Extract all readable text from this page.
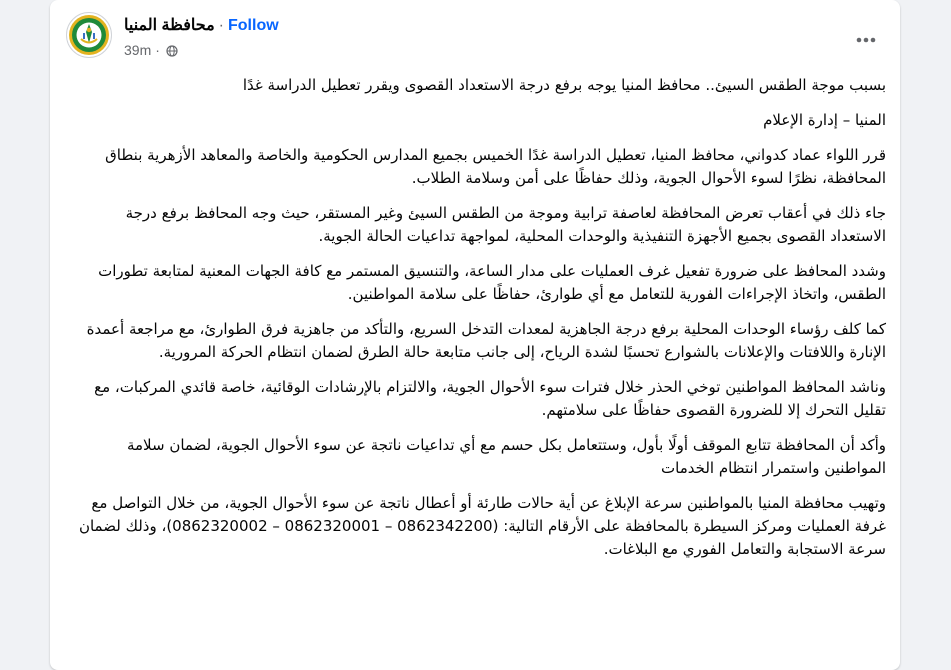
محافظة المنيا · Follow
39m ·

بسبب موجة الطقس السيئ.. محافظ المنيا يوجه برفع درجة الاستعداد القصوى ويقرر تعطيل الدراسة غدًا

المنيا – إدارة الإعلام

قرر اللواء عماد كدواني، محافظ المنيا، تعطيل الدراسة غدًا الخميس بجميع المدارس الحكومية والخاصة والمعاهد الأزهرية بنطاق المحافظة، نظرًا لسوء الأحوال الجوية، وذلك حفاظًا على أمن وسلامة الطلاب.

جاء ذلك في أعقاب تعرض المحافظة لعاصفة ترابية وموجة من الطقس السيئ وغير المستقر، حيث وجه المحافظ برفع درجة الاستعداد القصوى بجميع الأجهزة التنفيذية والوحدات المحلية، لمواجهة تداعيات الحالة الجوية.

وشدد المحافظ على ضرورة تفعيل غرف العمليات على مدار الساعة، والتنسيق المستمر مع كافة الجهات المعنية لمتابعة تطورات الطقس، واتخاذ الإجراءات الفورية للتعامل مع أي طوارئ، حفاظًا على سلامة المواطنين.

كما كلف رؤساء الوحدات المحلية برفع درجة الجاهزية لمعدات التدخل السريع، والتأكد من جاهزية فرق الطوارئ، مع مراجعة أعمدة الإنارة واللافتات والإعلانات بالشوارع تحسبًا لشدة الرياح، إلى جانب متابعة حالة الطرق لضمان انتظام الحركة المرورية.

وناشد المحافظ المواطنين توخي الحذر خلال فترات سوء الأحوال الجوية، والالتزام بالإرشادات الوقائية، خاصة قائدي المركبات، مع تقليل التحرك إلا للضرورة القصوى حفاظًا على سلامتهم.

وأكد أن المحافظة تتابع الموقف أولًا بأول، وستتعامل بكل حسم مع أي تداعيات ناتجة عن سوء الأحوال الجوية، لضمان سلامة المواطنين واستمرار انتظام الخدمات

وتهيب محافظة المنيا بالمواطنين سرعة الإبلاغ عن أية حالات طارئة أو أعطال ناتجة عن سوء الأحوال الجوية، من خلال التواصل مع غرفة العمليات ومركز السيطرة بالمحافظة على الأرقام التالية: (0862342200 – 0862320001 – 0862320002)، وذلك لضمان سرعة الاستجابة والتعامل الفوري مع البلاغات.
